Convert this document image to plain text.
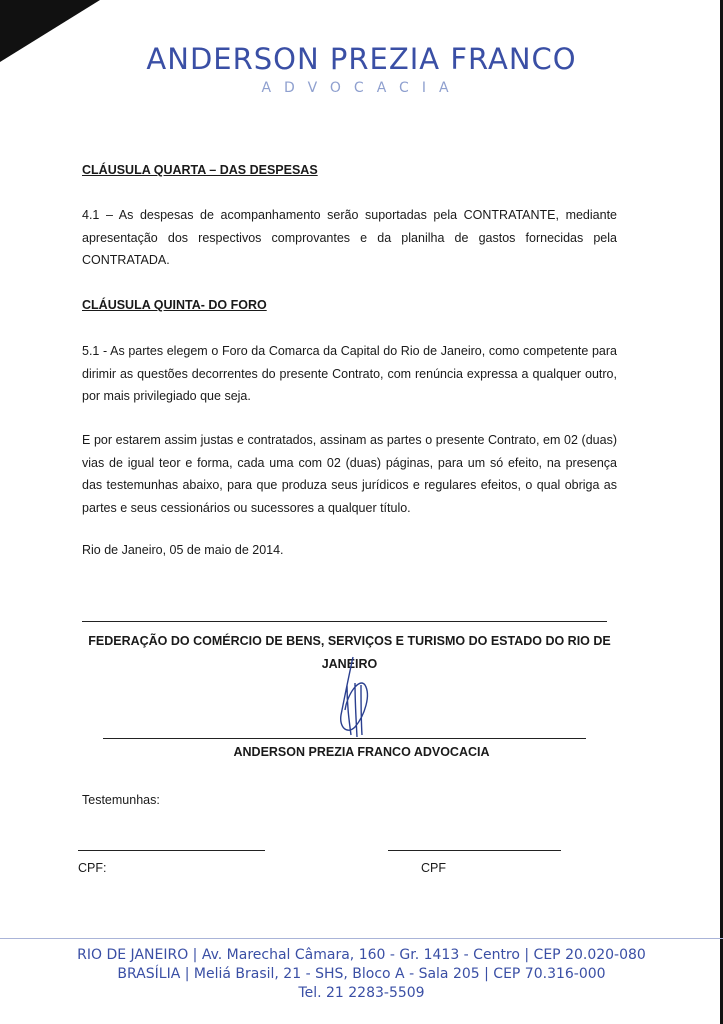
ANDERSON PREZIA FRANCO
ADVOCACIA
CLÁUSULA QUARTA – DAS DESPESAS

4.1 – As despesas de acompanhamento serão suportadas pela CONTRATANTE, mediante apresentação dos respectivos comprovantes e da planilha de gastos fornecidas pela CONTRATADA.

CLÁUSULA QUINTA- DO FORO

5.1 - As partes elegem o Foro da Comarca da Capital do Rio de Janeiro, como competente para dirimir as questões decorrentes do presente Contrato, com renúncia expressa a qualquer outro, por mais privilegiado que seja.

E por estarem assim justas e contratados, assinam as partes o presente Contrato, em 02 (duas) vias de igual teor e forma, cada uma com 02 (duas) páginas, para um só efeito, na presença das testemunhas abaixo, para que produza seus jurídicos e regulares efeitos, o qual obriga as partes e seus cessionários ou sucessores a qualquer título.

Rio de Janeiro, 05 de maio de 2014.
FEDERAÇÃO DO COMÉRCIO DE BENS, SERVIÇOS E TURISMO DO ESTADO DO RIO DE JANEIRO
ANDERSON PREZIA FRANCO ADVOCACIA
Testemunhas:
CPF:	CPF
RIO DE JANEIRO | Av. Marechal Câmara, 160 - Gr. 1413 - Centro | CEP 20.020-080
BRASÍLIA | Meliá Brasil, 21 - SHS, Bloco A - Sala 205 | CEP 70.316-000
Tel. 21 2283-5509
